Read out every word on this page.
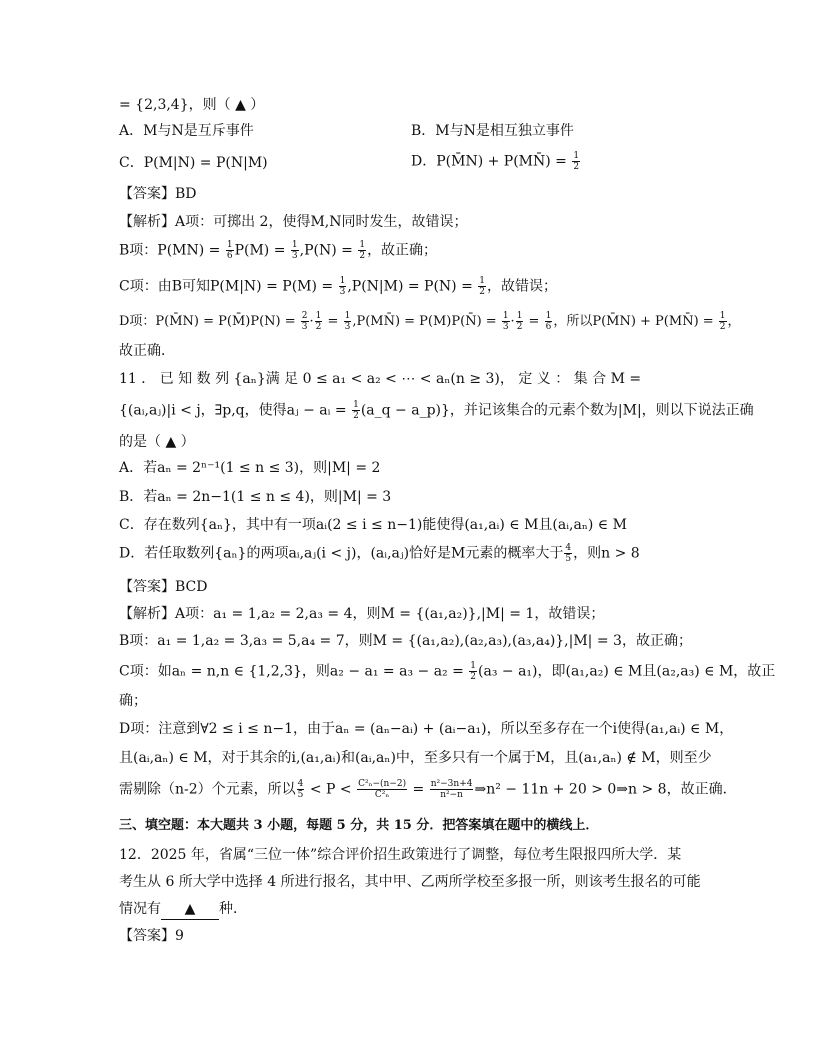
= {2,3,4}，则（ ▲ ）
A．M与N是互斥事件	B．M与N是相互独立事件
C．P(M|N) = P(N|M)	D．P(M̄N) + P(MN̄) = $\frac{1}{2}$
【答案】BD
【解析】A项：可掷出 2，使得M,N同时发生，故错误；
B项：$P(MN) = \frac{1}{6} P(M) = \frac{1}{3} ,P(N) = \frac{1}{2}$ ，故正确；
C项：由B可知$P(M|N) = P(M) = \frac{1}{3} ,P(N|M) = P(N) = \frac{1}{2}$ ，故错误；
D项：P(M̄N) = P(M̄)P(N) = $\frac{2}{3} \cdot \frac{1}{2} = \frac{1}{3}$ ,P(MN̄) = P(M)P(N̄) = $\frac{1}{3} \cdot \frac{1}{2} = \frac{1}{6}$ ，所以P(M̄N) + P(MN̄) = $\frac{1}{2}$ ，
故正确．
11 ． 已 知 数 列 {aₙ}满 足 0 ≤ a₁ < a₂ < ⋯ < aₙ(n ≥ 3)， 定 义 ： 集 合 M =
{(aᵢ,aⱼ)|i < j，∃p,q，使得aⱼ − aᵢ = $\frac{1}{2}$ (a_q − a_p)}，并记该集合的元素个数为|M|，则以下说法正确
的是（ ▲ ）
A．若aₙ = 2ⁿ⁻¹(1 ≤ n ≤ 3)，则|M| = 2
B．若aₙ = 2n−1(1 ≤ n ≤ 4)，则|M| = 3
C．存在数列{aₙ}，其中有一项aᵢ(2 ≤ i ≤ n−1)能使得(a₁,aᵢ) ∈ M且(aᵢ,aₙ) ∈ M
D．若任取数列{aₙ}的两项aᵢ,aⱼ(i < j)，(aᵢ,aⱼ)恰好是M元素的概率大于 $\frac{4}{5}$ ，则n > 8
【答案】BCD
【解析】A项：a₁ = 1,a₂ = 2,a₃ = 4，则M = {(a₁,a₂)},|M| = 1，故错误；
B项：a₁ = 1,a₂ = 3,a₃ = 5,a₄ = 7，则M = {(a₁,a₂),(a₂,a₃),(a₃,a₄)},|M| = 3，故正确；
C项：如aₙ = n,n ∈ {1,2,3}，则$a_2 - a_1 = a_3 - a_2 = \frac{1}{2} (a_3 - a_1)$，即(a₁,a₂) ∈ M且(a₂,a₃) ∈ M，故正
确；
D项：注意到∀2 ≤ i ≤ n−1，由于aₙ = (aₙ−aᵢ) + (aᵢ−a₁)，所以至多存在一个i使得(a₁,aᵢ) ∈ M，
且(aᵢ,aₙ) ∈ M，对于其余的i,(a₁,aᵢ)和(aᵢ,aₙ)中，至多只有一个属于M，且(a₁,aₙ) ∉ M，则至少
需剔除（n-2）个元素，所以 $\frac{4}{5} < P < \frac{\text{C²ₙ−(n−2)}}{\text{C²ₙ}} = \frac{\text{n²−3n+4}}{\text{n²−n}}$ ⇒n² − 11n + 20 > 0⇒n > 8，故正确．
三、填空题：本大题共 3 小题，每题 5 分，共 15 分．把答案填在题中的横线上．
12．2025 年，省属“三位一体”综合评价招生政策进行了调整，每位考生限报四所大学．某
考生从 6 所大学中选择 4 所进行报名，其中甲、乙两所学校至多报一所，则该考生报名的可能
情况有 ▲ 种．
【答案】9
